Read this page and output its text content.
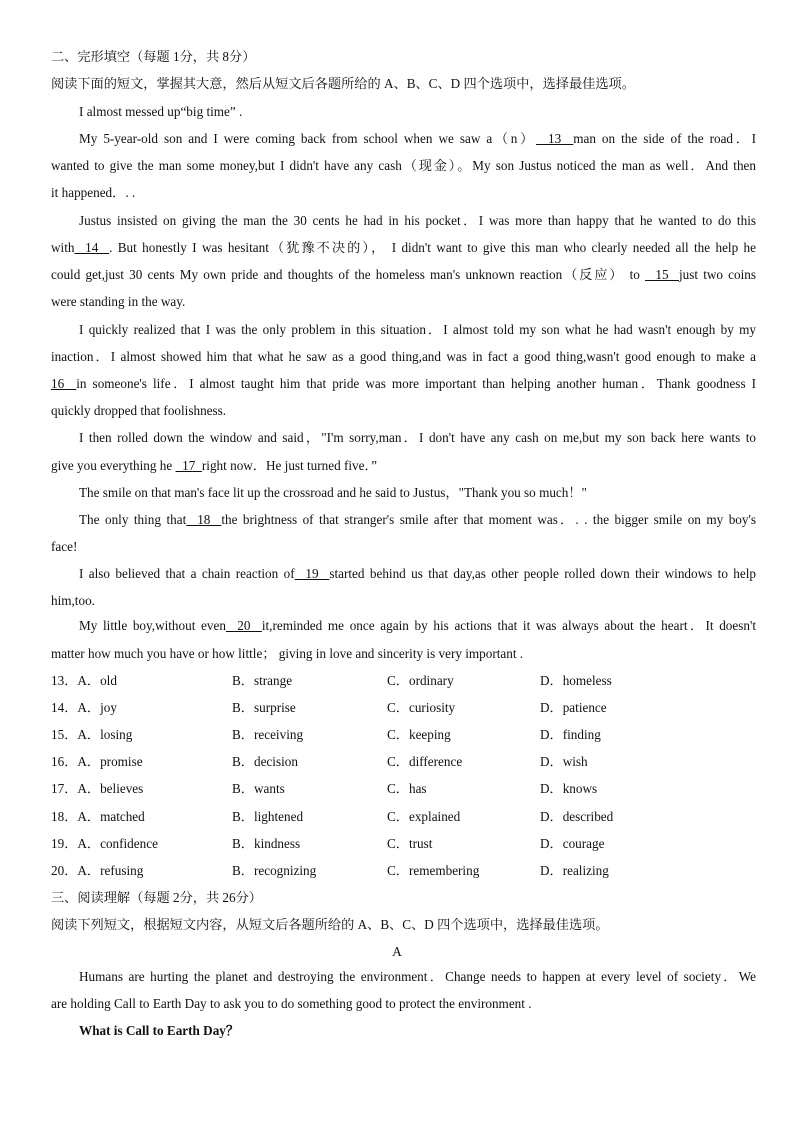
二、完形填空（每题 1分，共 8分）
阅读下面的短文，掌握其大意，然后从短文后各题所给的 A、B、C、D 四个选项中，选择最佳选项。
I almost messed up“big time” .
My 5-year-old son and I were coming back from school when we saw a（n）  13  man on the side of the road．I
wanted to give the man some money,but I didn't have any cash（现金）。My son Justus noticed the man as well．And then
it happened．. .
Justus insisted on giving the man the 30 cents he had in his pocket．I was more than happy that he wanted to do this
with  14  . But honestly I was hesitant（犹豫不决的）， I didn't want to give this man who clearly needed all the help he
could get,just 30 cents My own pride and thoughts of the homeless man's unknown reaction（反应） to   15  just two coins
were standing in the way.
I quickly realized that I was the only problem in this situation．I almost told my son what he had wasn't enough by my
inaction．I almost showed him that what he saw as a good thing,and was in fact a good thing,wasn't good enough to make a
16  in someone's life．I almost taught him that pride was more important than helping another human．Thank goodness I
quickly dropped that foolishness.
I then rolled down the window and said，"I'm sorry,man．I don't have any cash on me,but my son back here wants to
give you everything he   17  right now．He just turned five．”
The smile on that man's face lit up the crossroad and he said to Justus，"Thank you so much！"
The only thing that  18  the brightness of that stranger's smile after that moment was．. . the bigger smile on my boy's
face!
I also believed that a chain reaction of  19  started behind us that day,as other people rolled down their windows to help
him,too.
My little boy,without even  20  it,reminded me once again by his actions that it was always about the heart．It doesn't
matter how much you have or how little； giving in love and sincerity is very important .
13．A．old	B．strange	C．ordinary	D．homeless
14．A．joy	B．surprise	C．curiosity	D．patience
15．A．losing	B．receiving	C．keeping	D．finding
16．A．promise	B．decision	C．difference	D．wish
17．A．believes	B．wants	C．has	D．knows
18．A．matched	B．lightened	C．explained	D．described
19．A．confidence	B．kindness	C．trust	D．courage
20．A．refusing	B．recognizing	C．remembering	D．realizing
三、阅读理解（每题 2分，共 26分）
阅读下列短文，根据短文内容，从短文后各题所给的 A、B、C、D 四个选项中，选择最佳选项。
A
Humans are hurting the planet and destroying the environment．Change needs to happen at every level of society．We
are holding Call to Earth Day to ask you to do something good to protect the environment .
What is Call to Earth Day？
